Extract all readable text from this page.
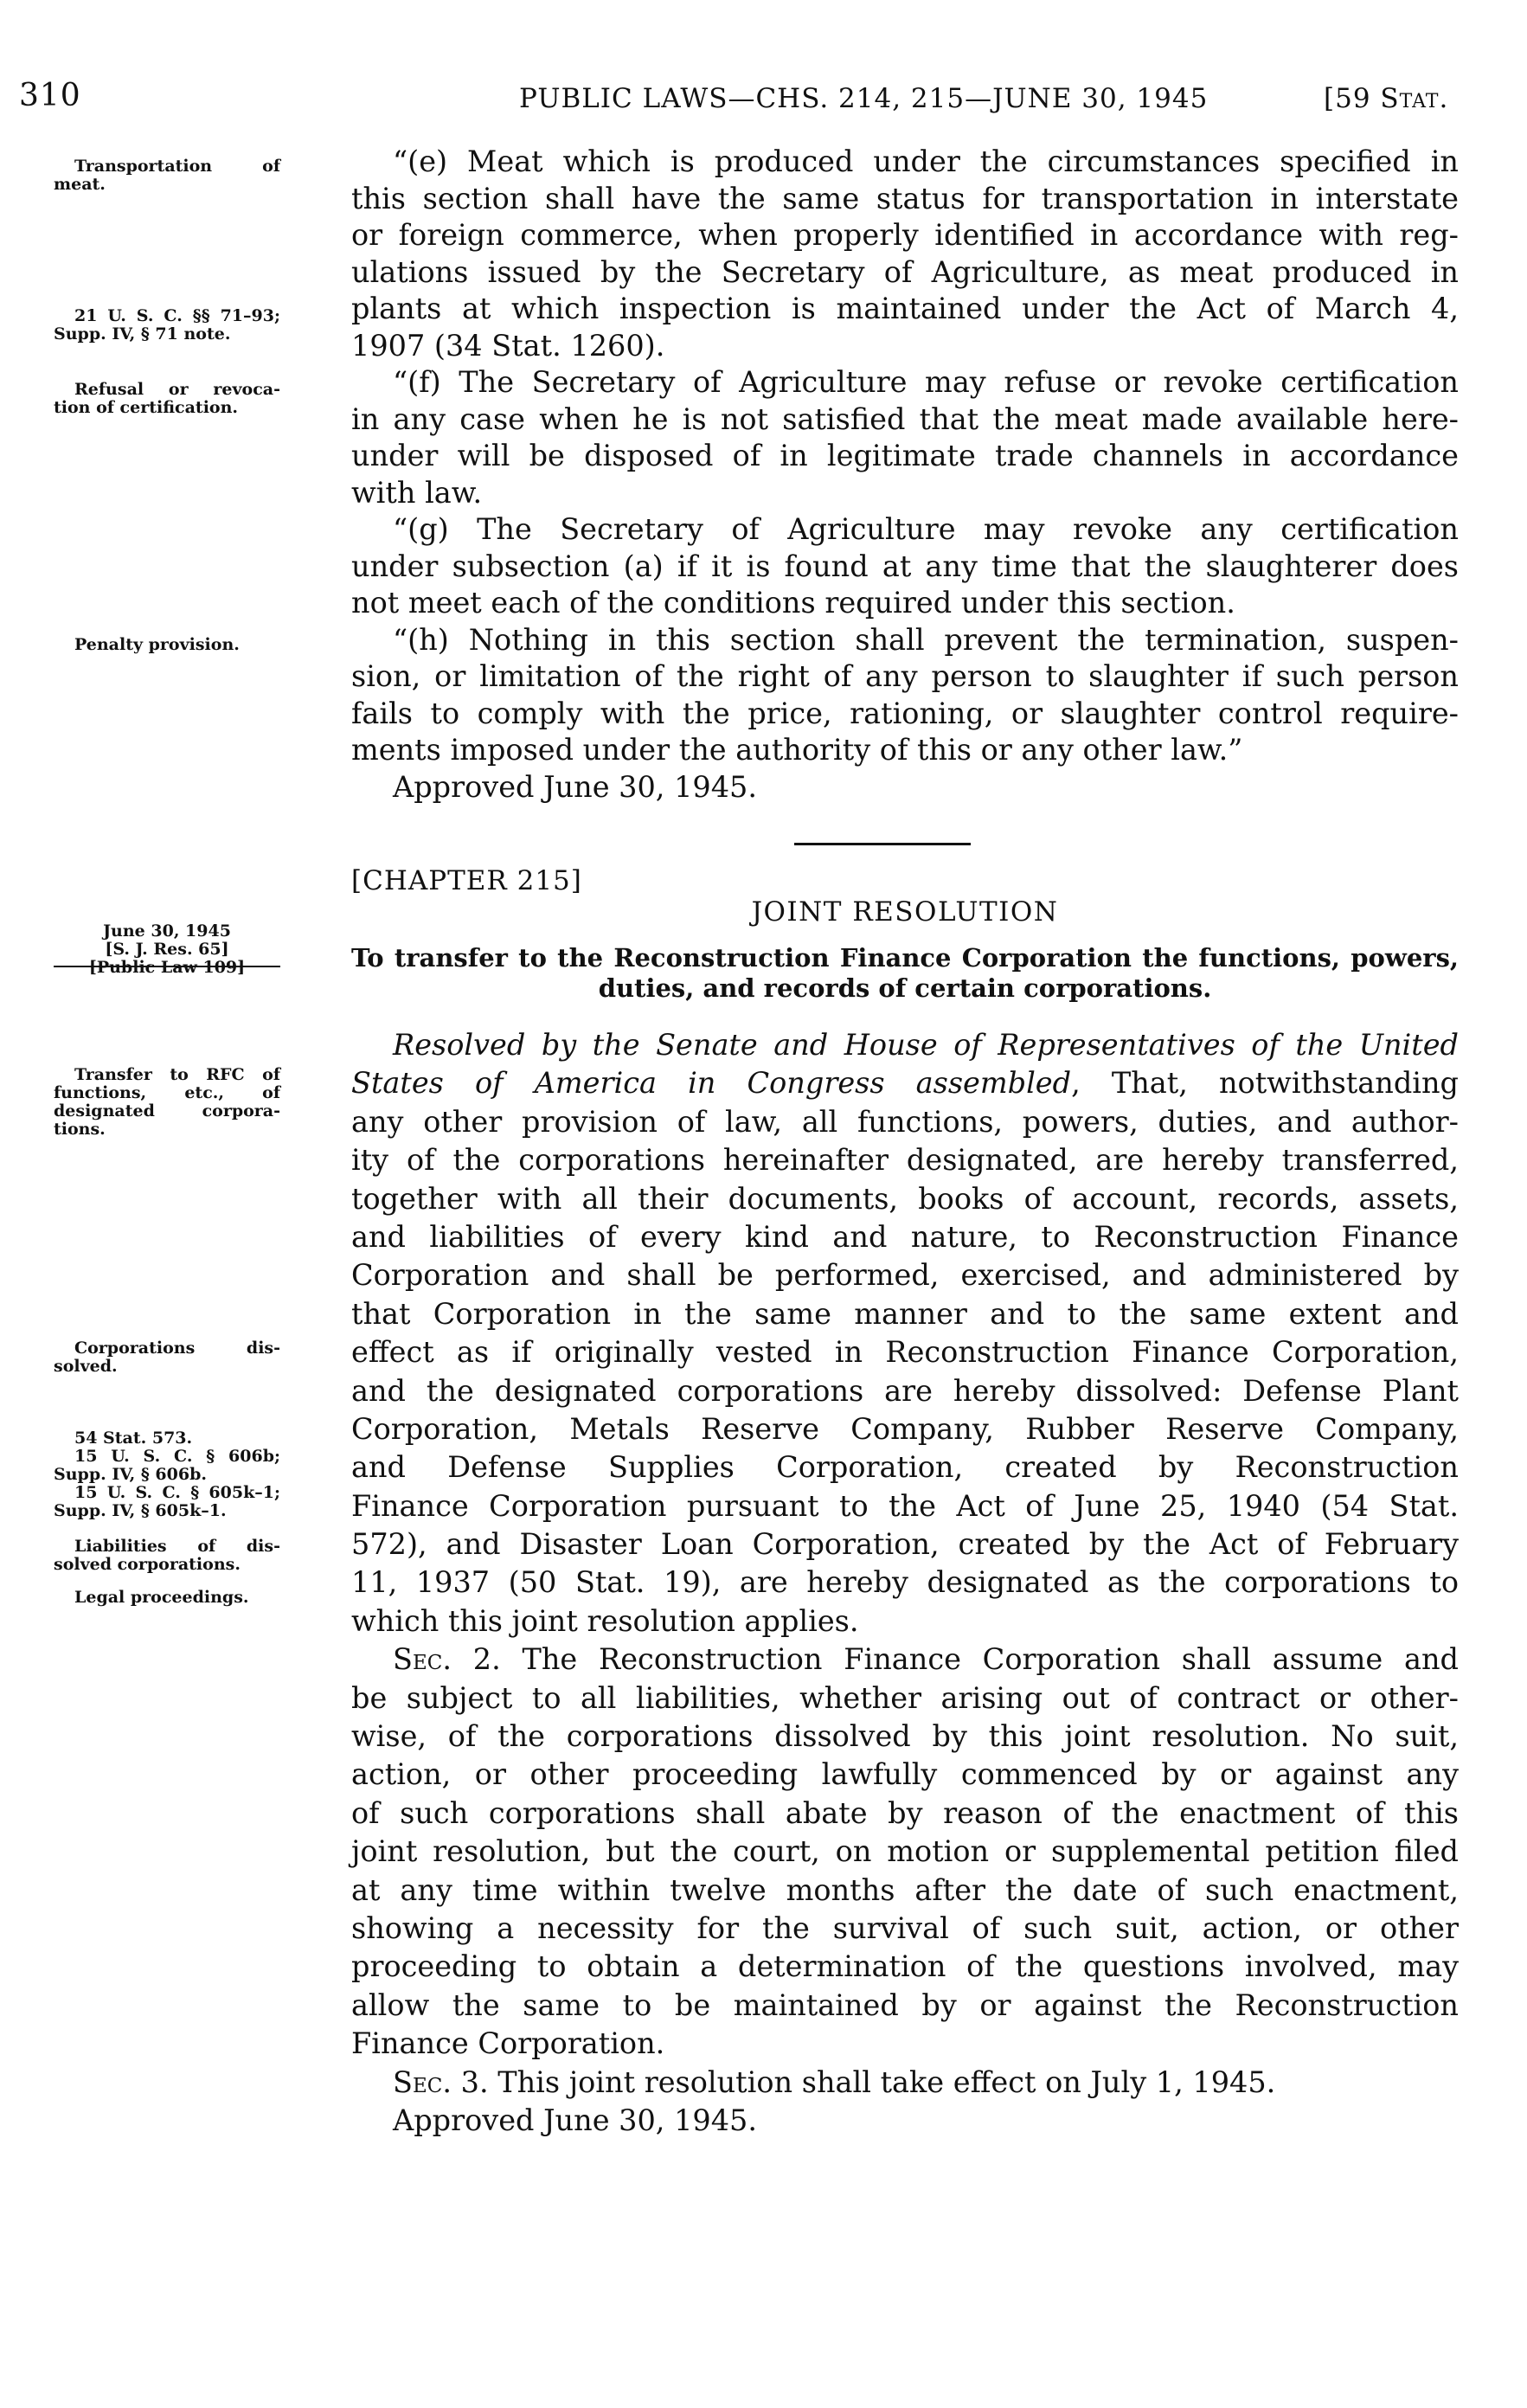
310	PUBLIC LAWS—CHS. 214, 215—JUNE 30, 1945	[59 Stat.
“(e) Meat which is produced under the circumstances specified in
this section shall have the same status for transportation in interstate
or foreign commerce, when properly identified in accordance with reg-
ulations issued by the Secretary of Agriculture, as meat produced in
plants at which inspection is maintained under the Act of March 4,
1907 (34 Stat. 1260).
“(f) The Secretary of Agriculture may refuse or revoke certification
in any case when he is not satisfied that the meat made available here-
under will be disposed of in legitimate trade channels in accordance
with law.
“(g) The Secretary of Agriculture may revoke any certification
under subsection (a) if it is found at any time that the slaughterer does
not meet each of the conditions required under this section.
“(h) Nothing in this section shall prevent the termination, suspen-
sion, or limitation of the right of any person to slaughter if such person
fails to comply with the price, rationing, or slaughter control require-
ments imposed under the authority of this or any other law.”
Approved June 30, 1945.
[CHAPTER 215]
JOINT RESOLUTION
To transfer to the Reconstruction Finance Corporation the functions, powers,
duties, and records of certain corporations.
Resolved by the Senate and House of Representatives of the United
States of America in Congress assembled, That, notwithstanding
any other provision of law, all functions, powers, duties, and author-
ity of the corporations hereinafter designated, are hereby transferred,
together with all their documents, books of account, records, assets,
and liabilities of every kind and nature, to Reconstruction Finance
Corporation and shall be performed, exercised, and administered by
that Corporation in the same manner and to the same extent and
effect as if originally vested in Reconstruction Finance Corporation,
and the designated corporations are hereby dissolved: Defense Plant
Corporation, Metals Reserve Company, Rubber Reserve Company,
and Defense Supplies Corporation, created by Reconstruction
Finance Corporation pursuant to the Act of June 25, 1940 (54 Stat.
572), and Disaster Loan Corporation, created by the Act of February
11, 1937 (50 Stat. 19), are hereby designated as the corporations to
which this joint resolution applies.
Sec. 2. The Reconstruction Finance Corporation shall assume and
be subject to all liabilities, whether arising out of contract or other-
wise, of the corporations dissolved by this joint resolution. No suit,
action, or other proceeding lawfully commenced by or against any
of such corporations shall abate by reason of the enactment of this
joint resolution, but the court, on motion or supplemental petition filed
at any time within twelve months after the date of such enactment,
showing a necessity for the survival of such suit, action, or other
proceeding to obtain a determination of the questions involved, may
allow the same to be maintained by or against the Reconstruction
Finance Corporation.
Sec. 3. This joint resolution shall take effect on July 1, 1945.
Approved June 30, 1945.
Transportation of
meat.
21 U. S. C. §§ 71–93;
Supp. IV, § 71 note.
Refusal or revoca-
tion of certification.
Penalty provision.
June 30, 1945
[S. J. Res. 65]
[Public Law 109]
Transfer to RFC of
functions, etc., of
designated corpora-
tions.
Corporations dis-
solved.
54 Stat. 573.
15 U. S. C. § 606b;
Supp. IV, § 606b.
15 U. S. C. § 605k–1;
Supp. IV, § 605k–1.
Liabilities of dis-
solved corporations.
Legal proceedings.
